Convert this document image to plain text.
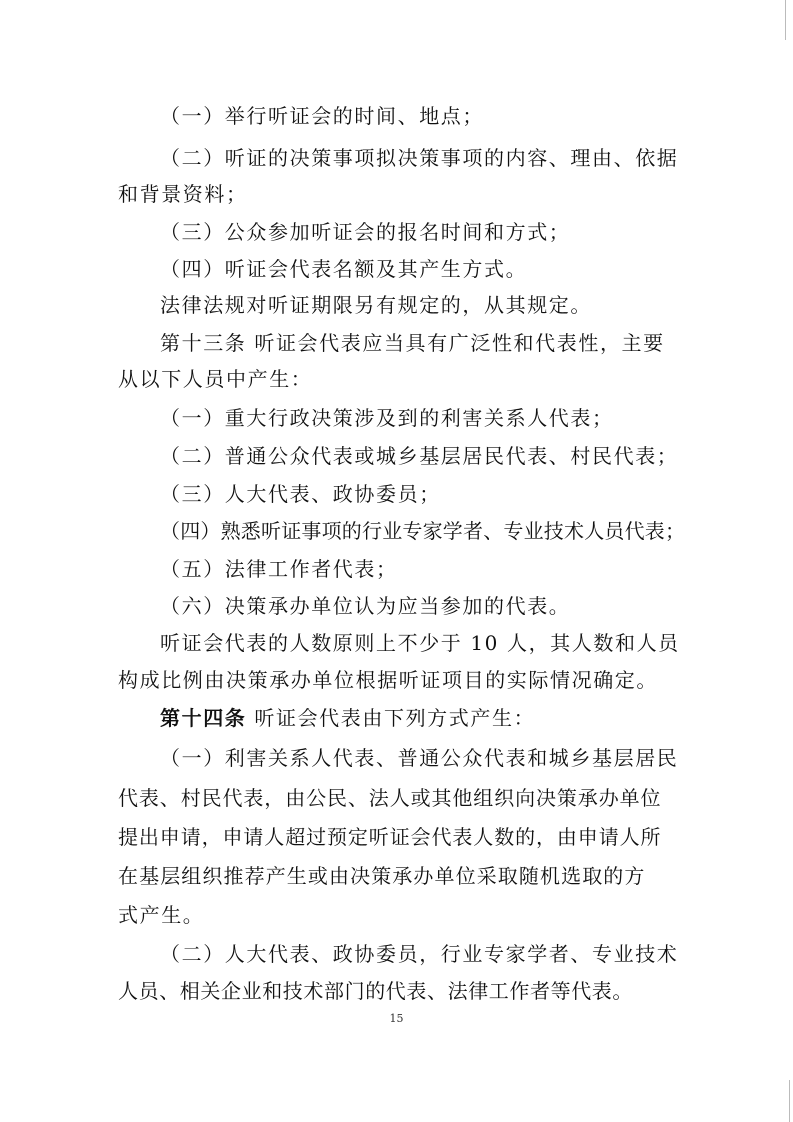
（一）举行听证会的时间、地点；
（二）听证的决策事项拟决策事项的内容、理由、依据
和背景资料；
（三）公众参加听证会的报名时间和方式；
（四）听证会代表名额及其产生方式。
法律法规对听证期限另有规定的，从其规定。
第十三条 听证会代表应当具有广泛性和代表性，主要
从以下人员中产生：
（一）重大行政决策涉及到的利害关系人代表；
（二）普通公众代表或城乡基层居民代表、村民代表；
（三）人大代表、政协委员；
（四）熟悉听证事项的行业专家学者、专业技术人员代表；
（五）法律工作者代表；
（六）决策承办单位认为应当参加的代表。
听证会代表的人数原则上不少于 10 人，其人数和人员
构成比例由决策承办单位根据听证项目的实际情况确定。
第十四条 听证会代表由下列方式产生：
（一）利害关系人代表、普通公众代表和城乡基层居民
代表、村民代表，由公民、法人或其他组织向决策承办单位
提出申请，申请人超过预定听证会代表人数的，由申请人所
在基层组织推荐产生或由决策承办单位采取随机选取的方
式产生。
（二）人大代表、政协委员，行业专家学者、专业技术
人员、相关企业和技术部门的代表、法律工作者等代表。
15
